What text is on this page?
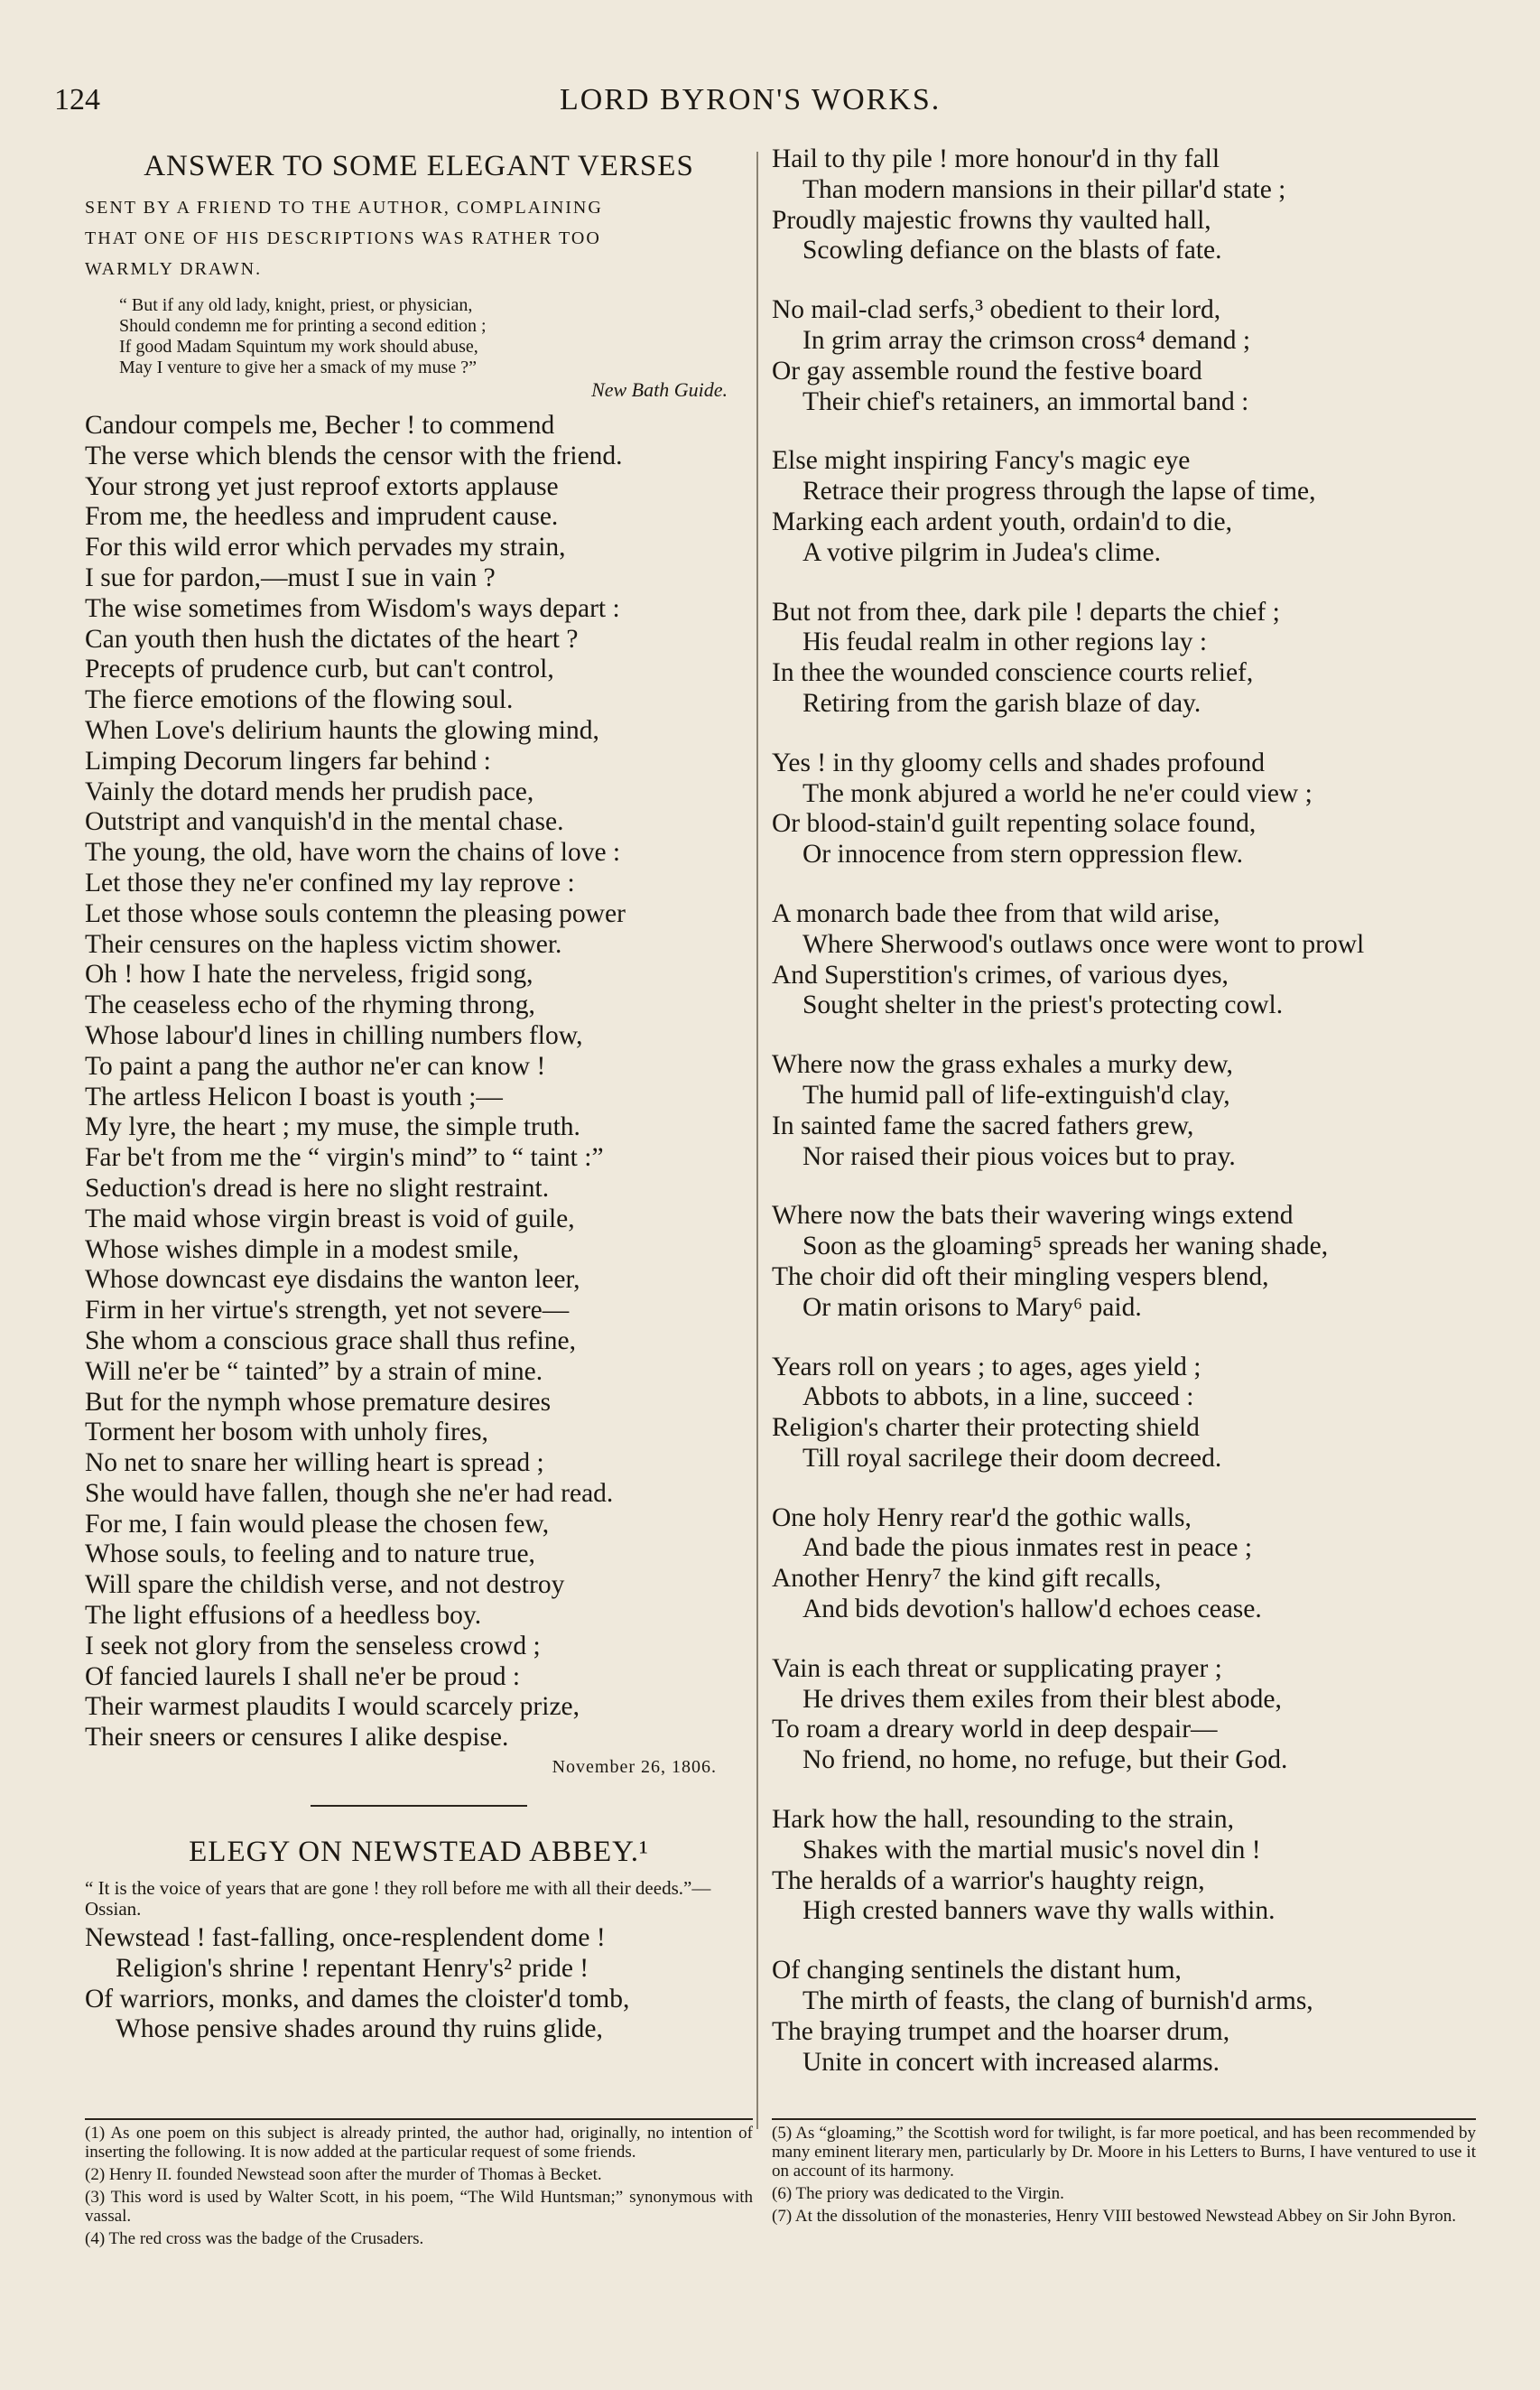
124	LORD BYRON'S WORKS.
ANSWER TO SOME ELEGANT VERSES
SENT BY A FRIEND TO THE AUTHOR, COMPLAINING
THAT ONE OF HIS DESCRIPTIONS WAS RATHER TOO
WARMLY DRAWN.
“ But if any old lady, knight, priest, or physician,
Should condemn me for printing a second edition ;
If good Madam Squintum my work should abuse,
May I venture to give her a smack of my muse ?”
New Bath Guide.
Candour compels me, Becher ! to commend
The verse which blends the censor with the friend.
Your strong yet just reproof extorts applause
From me, the heedless and imprudent cause.
For this wild error which pervades my strain,
I sue for pardon,—must I sue in vain ?
The wise sometimes from Wisdom's ways depart :
Can youth then hush the dictates of the heart ?
Precepts of prudence curb, but can't control,
The fierce emotions of the flowing soul.
When Love's delirium haunts the glowing mind,
Limping Decorum lingers far behind :
Vainly the dotard mends her prudish pace,
Outstript and vanquish'd in the mental chase.
The young, the old, have worn the chains of love :
Let those they ne'er confined my lay reprove :
Let those whose souls contemn the pleasing power
Their censures on the hapless victim shower.
Oh ! how I hate the nerveless, frigid song,
The ceaseless echo of the rhyming throng,
Whose labour'd lines in chilling numbers flow,
To paint a pang the author ne'er can know !
The artless Helicon I boast is youth ;—
My lyre, the heart ; my muse, the simple truth.
Far be't from me the “ virgin's mind” to “ taint :”
Seduction's dread is here no slight restraint.
The maid whose virgin breast is void of guile,
Whose wishes dimple in a modest smile,
Whose downcast eye disdains the wanton leer,
Firm in her virtue's strength, yet not severe—
She whom a conscious grace shall thus refine,
Will ne'er be “ tainted” by a strain of mine.
But for the nymph whose premature desires
Torment her bosom with unholy fires,
No net to snare her willing heart is spread ;
She would have fallen, though she ne'er had read.
For me, I fain would please the chosen few,
Whose souls, to feeling and to nature true,
Will spare the childish verse, and not destroy
The light effusions of a heedless boy.
I seek not glory from the senseless crowd ;
Of fancied laurels I shall ne'er be proud :
Their warmest plaudits I would scarcely prize,
Their sneers or censures I alike despise.
November 26, 1806.
ELEGY ON NEWSTEAD ABBEY.¹
“ It is the voice of years that are gone ! they roll before me with all their deeds.”—Ossian.
Newstead ! fast-falling, once-resplendent dome !
Religion's shrine ! repentant Henry's² pride !
Of warriors, monks, and dames the cloister'd tomb,
Whose pensive shades around thy ruins glide,
Hail to thy pile ! more honour'd in thy fall
Than modern mansions in their pillar'd state ;
Proudly majestic frowns thy vaulted hall,
Scowling defiance on the blasts of fate.
No mail-clad serfs,³ obedient to their lord,
In grim array the crimson cross⁴ demand ;
Or gay assemble round the festive board
Their chief's retainers, an immortal band :
Else might inspiring Fancy's magic eye
Retrace their progress through the lapse of time,
Marking each ardent youth, ordain'd to die,
A votive pilgrim in Judea's clime.
But not from thee, dark pile ! departs the chief ;
His feudal realm in other regions lay :
In thee the wounded conscience courts relief,
Retiring from the garish blaze of day.
Yes ! in thy gloomy cells and shades profound
The monk abjured a world he ne'er could view ;
Or blood-stain'd guilt repenting solace found,
Or innocence from stern oppression flew.
A monarch bade thee from that wild arise,
Where Sherwood's outlaws once were wont to prowl
And Superstition's crimes, of various dyes,
Sought shelter in the priest's protecting cowl.
Where now the grass exhales a murky dew,
The humid pall of life-extinguish'd clay,
In sainted fame the sacred fathers grew,
Nor raised their pious voices but to pray.
Where now the bats their wavering wings extend
Soon as the gloaming⁵ spreads her waning shade,
The choir did oft their mingling vespers blend,
Or matin orisons to Mary⁶ paid.
Years roll on years ; to ages, ages yield ;
Abbots to abbots, in a line, succeed :
Religion's charter their protecting shield
Till royal sacrilege their doom decreed.
One holy Henry rear'd the gothic walls,
And bade the pious inmates rest in peace ;
Another Henry⁷ the kind gift recalls,
And bids devotion's hallow'd echoes cease.
Vain is each threat or supplicating prayer ;
He drives them exiles from their blest abode,
To roam a dreary world in deep despair—
No friend, no home, no refuge, but their God.
Hark how the hall, resounding to the strain,
Shakes with the martial music's novel din !
The heralds of a warrior's haughty reign,
High crested banners wave thy walls within.
Of changing sentinels the distant hum,
The mirth of feasts, the clang of burnish'd arms,
The braying trumpet and the hoarser drum,
Unite in concert with increased alarms.
(1) As one poem on this subject is already printed, the author had, originally, no intention of inserting the following. It is now added at the particular request of some friends.
(2) Henry II. founded Newstead soon after the murder of Thomas à Becket.
(3) This word is used by Walter Scott, in his poem, “The Wild Huntsman;” synonymous with vassal.
(4) The red cross was the badge of the Crusaders.
(5) As “gloaming,” the Scottish word for twilight, is far more poetical, and has been recommended by many eminent literary men, particularly by Dr. Moore in his Letters to Burns, I have ventured to use it on account of its harmony.
(6) The priory was dedicated to the Virgin.
(7) At the dissolution of the monasteries, Henry VIII bestowed Newstead Abbey on Sir John Byron.
